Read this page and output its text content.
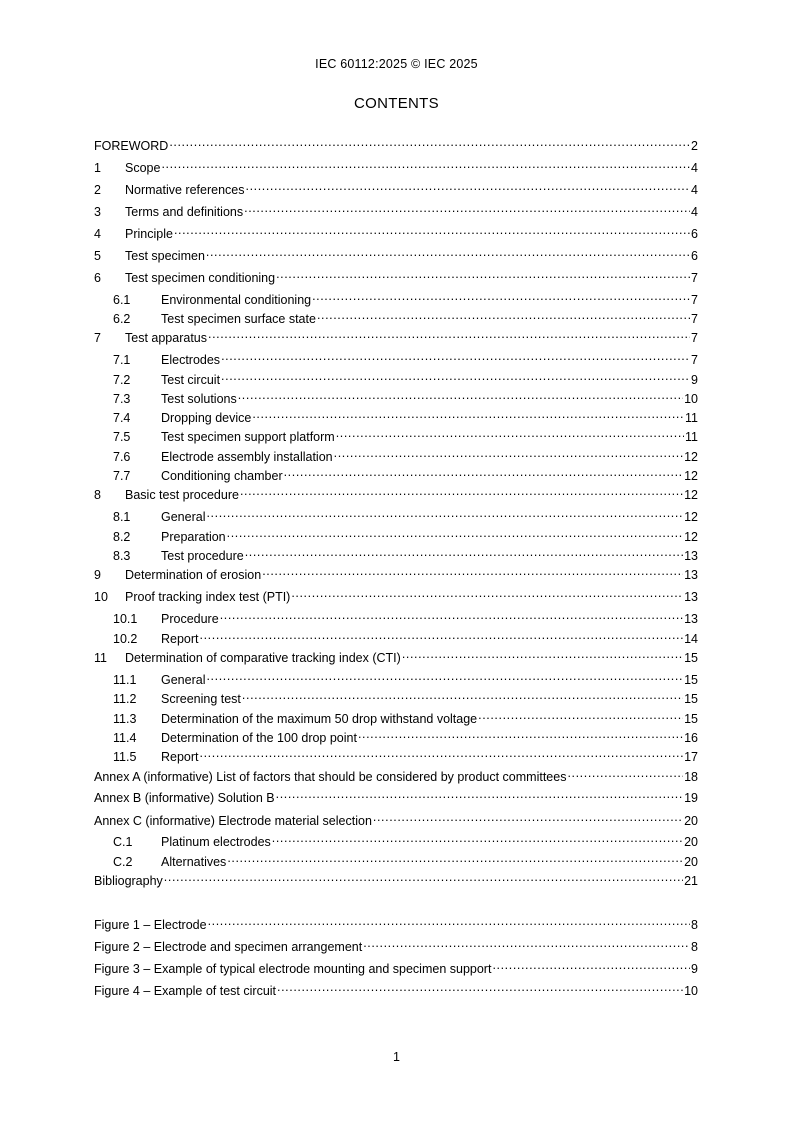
IEC 60112:2025 © IEC 2025
CONTENTS
FOREWORD .....	2
1	Scope .....	4
2	Normative references .....	4
3	Terms and definitions .....	4
4	Principle .....	6
5	Test specimen .....	6
6	Test specimen conditioning .....	7
6.1	Environmental conditioning .....	7
6.2	Test specimen surface state .....	7
7	Test apparatus .....	7
7.1	Electrodes .....	7
7.2	Test circuit .....	9
7.3	Test solutions .....	10
7.4	Dropping device .....	11
7.5	Test specimen support platform .....	11
7.6	Electrode assembly installation .....	12
7.7	Conditioning chamber .....	12
8	Basic test procedure .....	12
8.1	General .....	12
8.2	Preparation .....	12
8.3	Test procedure .....	13
9	Determination of erosion .....	13
10	Proof tracking index test (PTI) .....	13
10.1	Procedure .....	13
10.2	Report .....	14
11	Determination of comparative tracking index (CTI) .....	15
11.1	General .....	15
11.2	Screening test .....	15
11.3	Determination of the maximum 50 drop withstand voltage .....	15
11.4	Determination of the 100 drop point .....	16
11.5	Report .....	17
Annex A (informative) List of factors that should be considered by product committees .....	18
Annex B (informative) Solution B .....	19
Annex C (informative) Electrode material selection .....	20
C.1	Platinum electrodes .....	20
C.2	Alternatives .....	20
Bibliography .....	21
Figure 1 – Electrode .....	8
Figure 2 – Electrode and specimen arrangement .....	8
Figure 3 – Example of typical electrode mounting and specimen support .....	9
Figure 4 – Example of test circuit .....	10
1
